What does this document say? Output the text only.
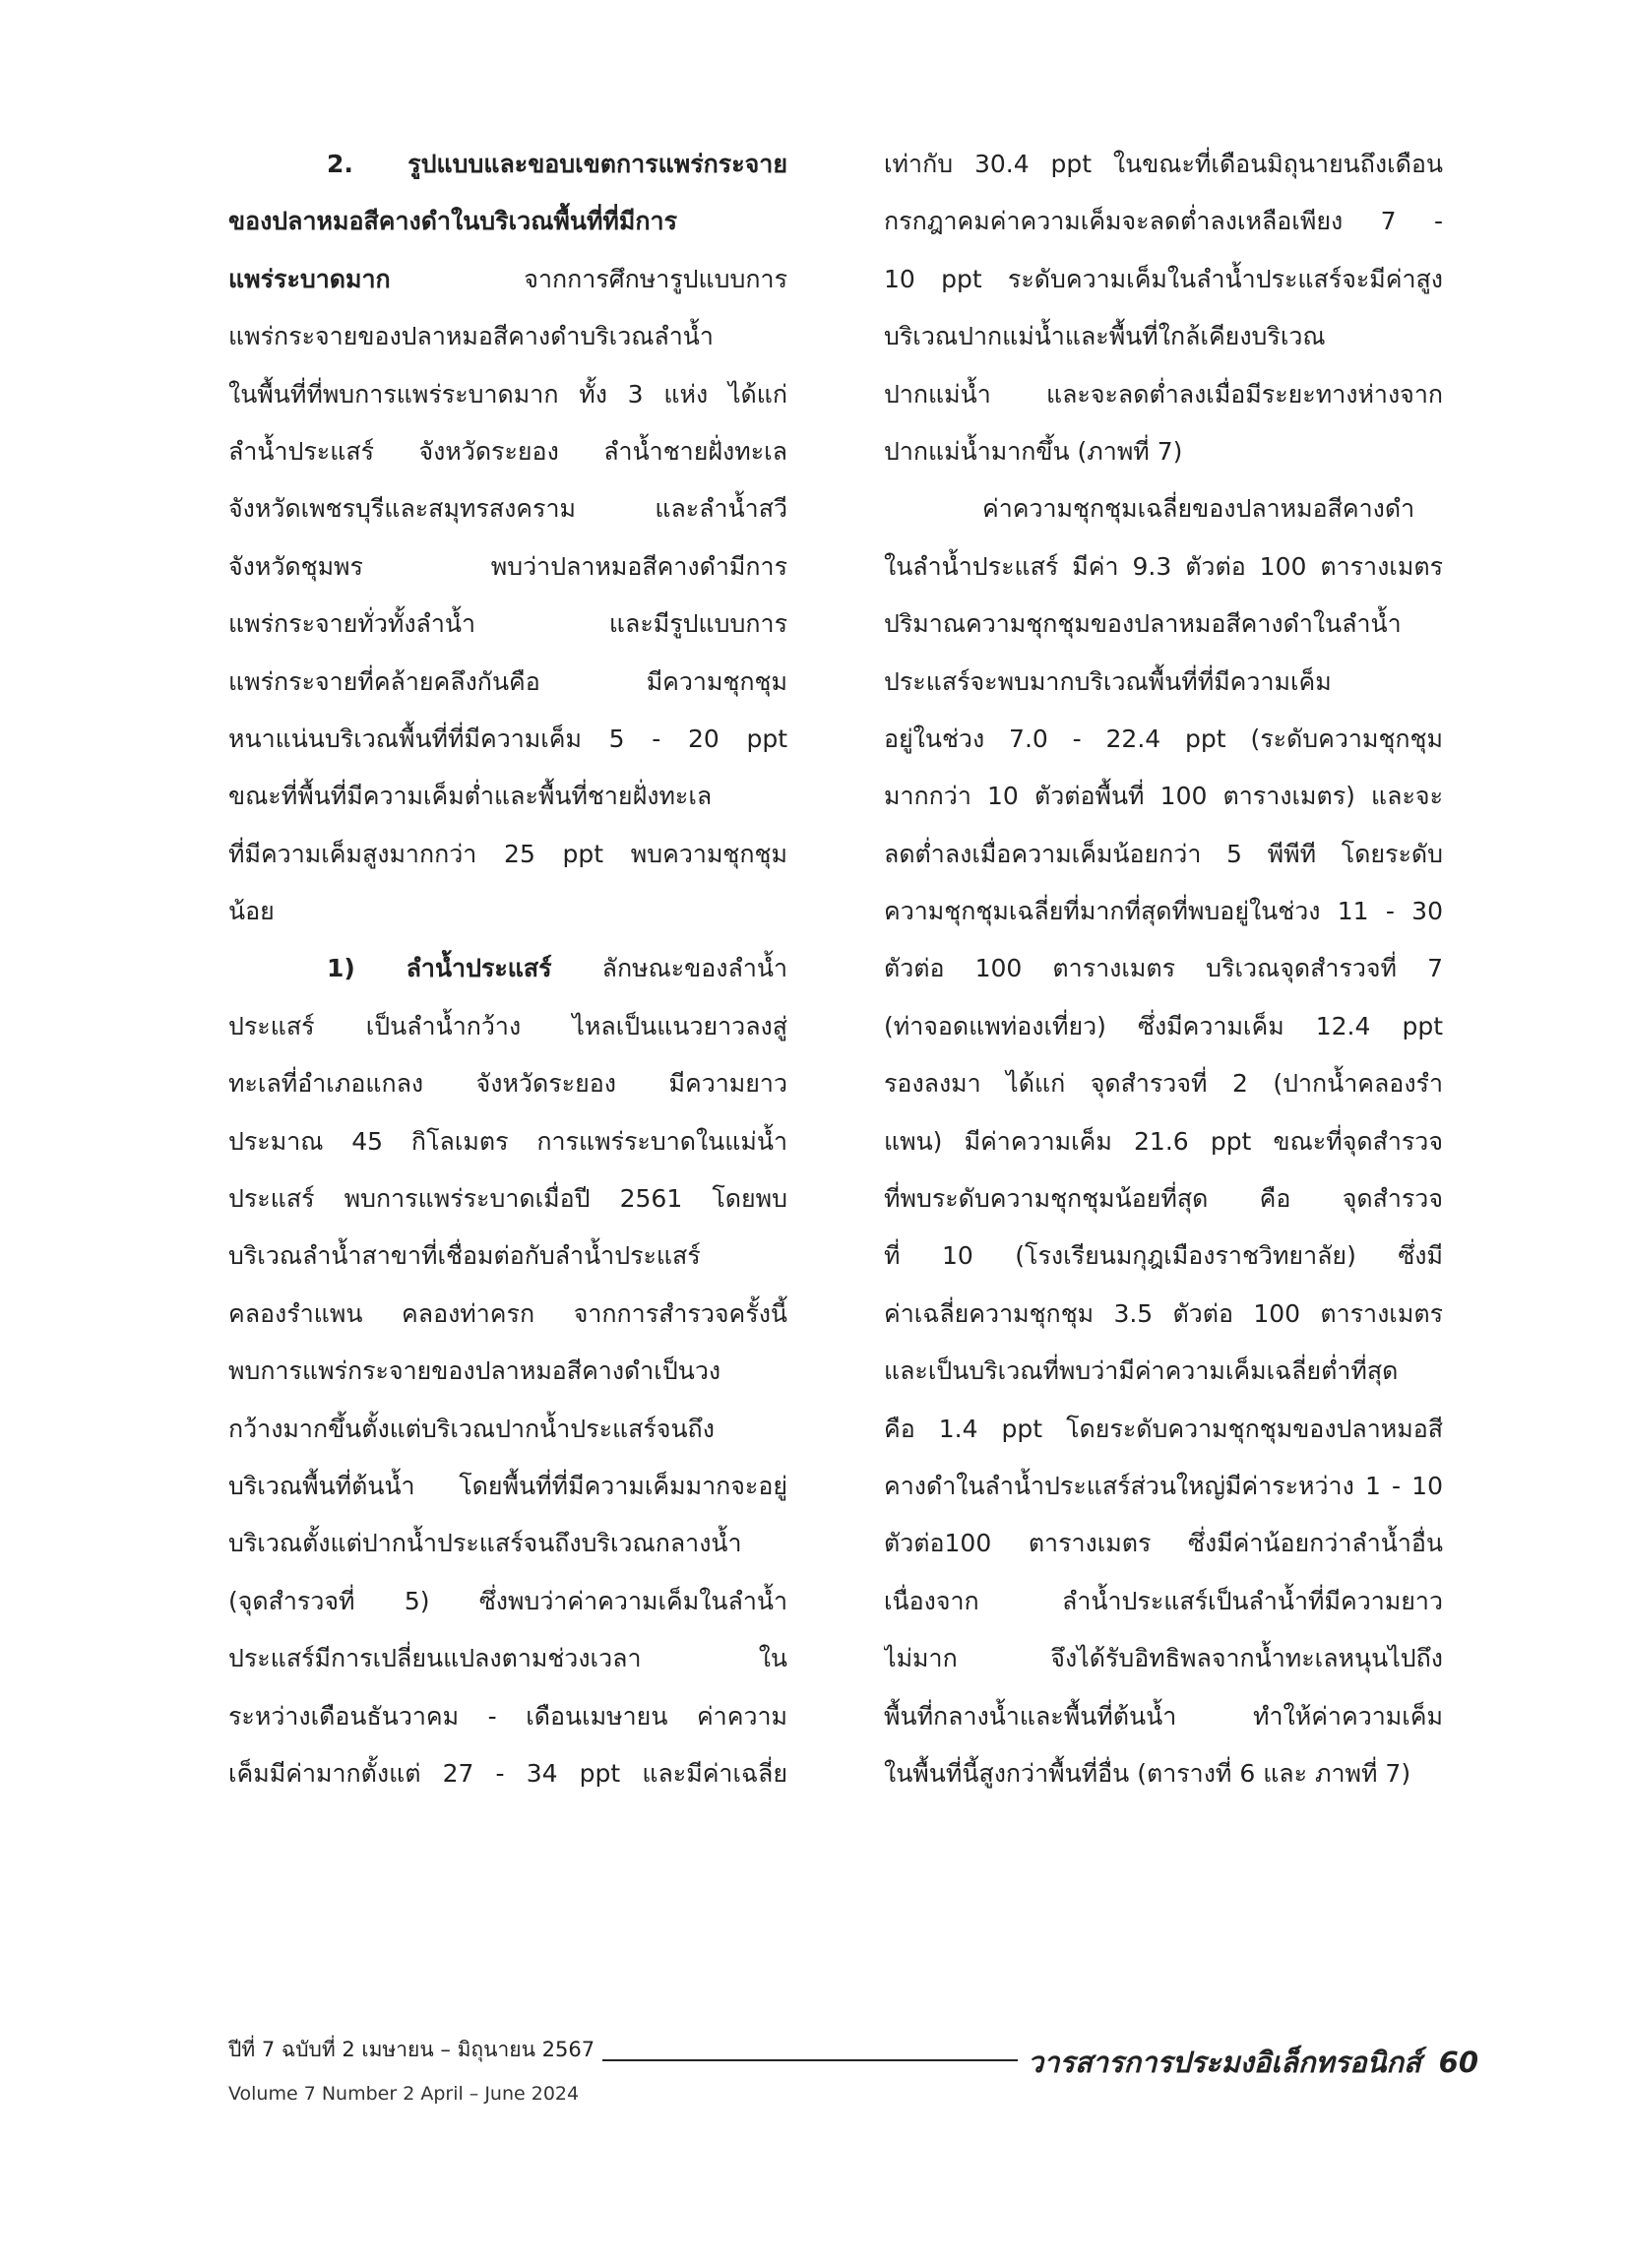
2. รูปแบบและขอบเขตการแพร่กระจาย
ของปลาหมอสีคางดำในบริเวณพื้นที่ที่มีการ
แพร่ระบาดมาก จากการศึกษารูปแบบการ
แพร่กระจายของปลาหมอสีคางดำบริเวณลำน้ำ
ในพื้นที่ที่พบการแพร่ระบาดมาก ทั้ง 3 แห่ง ได้แก่
ลำน้ำประแสร์ จังหวัดระยอง ลำน้ำชายฝั่งทะเล
จังหวัดเพชรบุรีและสมุทรสงคราม และลำน้ำสวี
จังหวัดชุมพร พบว่าปลาหมอสีคางดำมีการ
แพร่กระจายทั่วทั้งลำน้ำ และมีรูปแบบการ
แพร่กระจายที่คล้ายคลึงกันคือ มีความชุกชุม
หนาแน่นบริเวณพื้นที่ที่มีความเค็ม 5 - 20 ppt
ขณะที่พื้นที่มีความเค็มต่ำและพื้นที่ชายฝั่งทะเล
ที่มีความเค็มสูงมากกว่า 25 ppt พบความชุกชุม
น้อย
1) ลำน้ำประแสร์ ลักษณะของลำน้ำ
ประแสร์ เป็นลำน้ำกว้าง ไหลเป็นแนวยาวลงสู่
ทะเลที่อำเภอแกลง จังหวัดระยอง มีความยาว
ประมาณ 45 กิโลเมตร การแพร่ระบาดในแม่น้ำ
ประแสร์ พบการแพร่ระบาดเมื่อปี 2561 โดยพบ
บริเวณลำน้ำสาขาที่เชื่อมต่อกับลำน้ำประแสร์
คลองรำแพน คลองท่าครก จากการสำรวจครั้งนี้
พบการแพร่กระจายของปลาหมอสีคางดำเป็นวง
กว้างมากขึ้นตั้งแต่บริเวณปากน้ำประแสร์จนถึง
บริเวณพื้นที่ต้นน้ำ โดยพื้นที่ที่มีความเค็มมากจะอยู่
บริเวณตั้งแต่ปากน้ำประแสร์จนถึงบริเวณกลางน้ำ
(จุดสำรวจที่ 5) ซึ่งพบว่าค่าความเค็มในลำน้ำ
ประแสร์มีการเปลี่ยนแปลงตามช่วงเวลา ใน
ระหว่างเดือนธันวาคม - เดือนเมษายน ค่าความ
เค็มมีค่ามากตั้งแต่ 27 - 34 ppt และมีค่าเฉลี่ย
เท่ากับ 30.4 ppt ในขณะที่เดือนมิถุนายนถึงเดือน
กรกฎาคมค่าความเค็มจะลดต่ำลงเหลือเพียง 7 -
10 ppt ระดับความเค็มในลำน้ำประแสร์จะมีค่าสูง
บริเวณปากแม่น้ำและพื้นที่ใกล้เคียงบริเวณ
ปากแม่น้ำ และจะลดต่ำลงเมื่อมีระยะทางห่างจาก
ปากแม่น้ำมากขึ้น (ภาพที่ 7)
ค่าความชุกชุมเฉลี่ยของปลาหมอสีคางดำ
ในลำน้ำประแสร์ มีค่า 9.3 ตัวต่อ 100 ตารางเมตร
ปริมาณความชุกชุมของปลาหมอสีคางดำในลำน้ำ
ประแสร์จะพบมากบริเวณพื้นที่ที่มีความเค็ม
อยู่ในช่วง 7.0 - 22.4 ppt (ระดับความชุกชุม
มากกว่า 10 ตัวต่อพื้นที่ 100 ตารางเมตร) และจะ
ลดต่ำลงเมื่อความเค็มน้อยกว่า 5 พีพีที โดยระดับ
ความชุกชุมเฉลี่ยที่มากที่สุดที่พบอยู่ในช่วง 11 - 30
ตัวต่อ 100 ตารางเมตร บริเวณจุดสำรวจที่ 7
(ท่าจอดแพท่องเที่ยว) ซึ่งมีความเค็ม 12.4 ppt
รองลงมา ได้แก่ จุดสำรวจที่ 2 (ปากน้ำคลองรำ
แพน) มีค่าความเค็ม 21.6 ppt ขณะที่จุดสำรวจ
ที่พบระดับความชุกชุมน้อยที่สุด คือ จุดสำรวจ
ที่ 10 (โรงเรียนมกุฎเมืองราชวิทยาลัย) ซึ่งมี
ค่าเฉลี่ยความชุกชุม 3.5 ตัวต่อ 100 ตารางเมตร
และเป็นบริเวณที่พบว่ามีค่าความเค็มเฉลี่ยต่ำที่สุด
คือ 1.4 ppt โดยระดับความชุกชุมของปลาหมอสี
คางดำในลำน้ำประแสร์ส่วนใหญ่มีค่าระหว่าง 1 - 10
ตัวต่อ100 ตารางเมตร ซึ่งมีค่าน้อยกว่าลำน้ำอื่น
เนื่องจาก ลำน้ำประแสร์เป็นลำน้ำที่มีความยาว
ไม่มาก จึงได้รับอิทธิพลจากน้ำทะเลหนุนไปถึง
พื้นที่กลางน้ำและพื้นที่ต้นน้ำ ทำให้ค่าความเค็ม
ในพื้นที่นี้สูงกว่าพื้นที่อื่น (ตารางที่ 6 และ ภาพที่ 7)
ปีที่ 7 ฉบับที่ 2 เมษายน – มิถุนายน 2567
Volume 7 Number 2 April – June 2024
วารสารการประมงอิเล็กทรอนิกส์ 60
